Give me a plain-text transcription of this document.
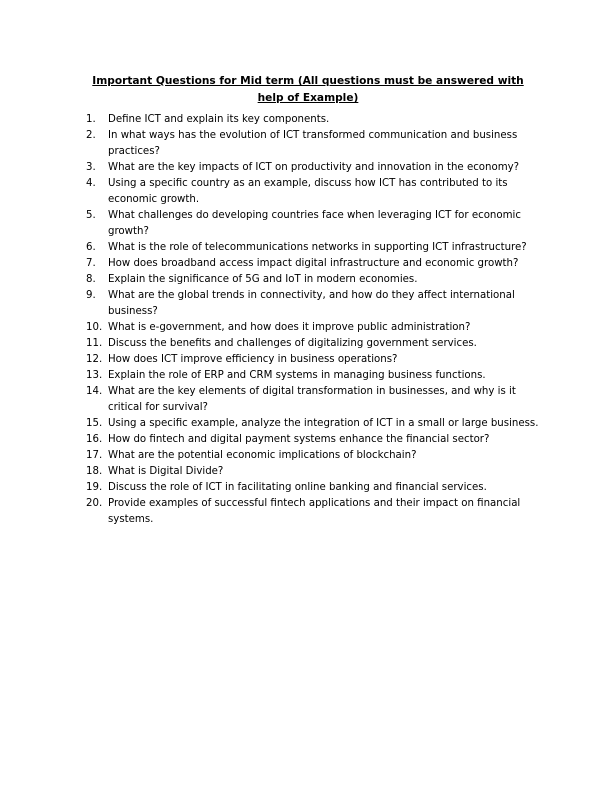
Important Questions for Mid term (All questions must be answered with help of Example)
1.	Define ICT and explain its key components.
2.	In what ways has the evolution of ICT transformed communication and business practices?
3.	What are the key impacts of ICT on productivity and innovation in the economy?
4.	Using a specific country as an example, discuss how ICT has contributed to its economic growth.
5.	What challenges do developing countries face when leveraging ICT for economic growth?
6.	What is the role of telecommunications networks in supporting ICT infrastructure?
7.	How does broadband access impact digital infrastructure and economic growth?
8.	Explain the significance of 5G and IoT in modern economies.
9.	What are the global trends in connectivity, and how do they affect international business?
10. What is e-government, and how does it improve public administration?
11. Discuss the benefits and challenges of digitalizing government services.
12. How does ICT improve efficiency in business operations?
13. Explain the role of ERP and CRM systems in managing business functions.
14. What are the key elements of digital transformation in businesses, and why is it critical for survival?
15. Using a specific example, analyze the integration of ICT in a small or large business.
16. How do fintech and digital payment systems enhance the financial sector?
17. What are the potential economic implications of blockchain?
18. What is Digital Divide?
19. Discuss the role of ICT in facilitating online banking and financial services.
20. Provide examples of successful fintech applications and their impact on financial systems.
